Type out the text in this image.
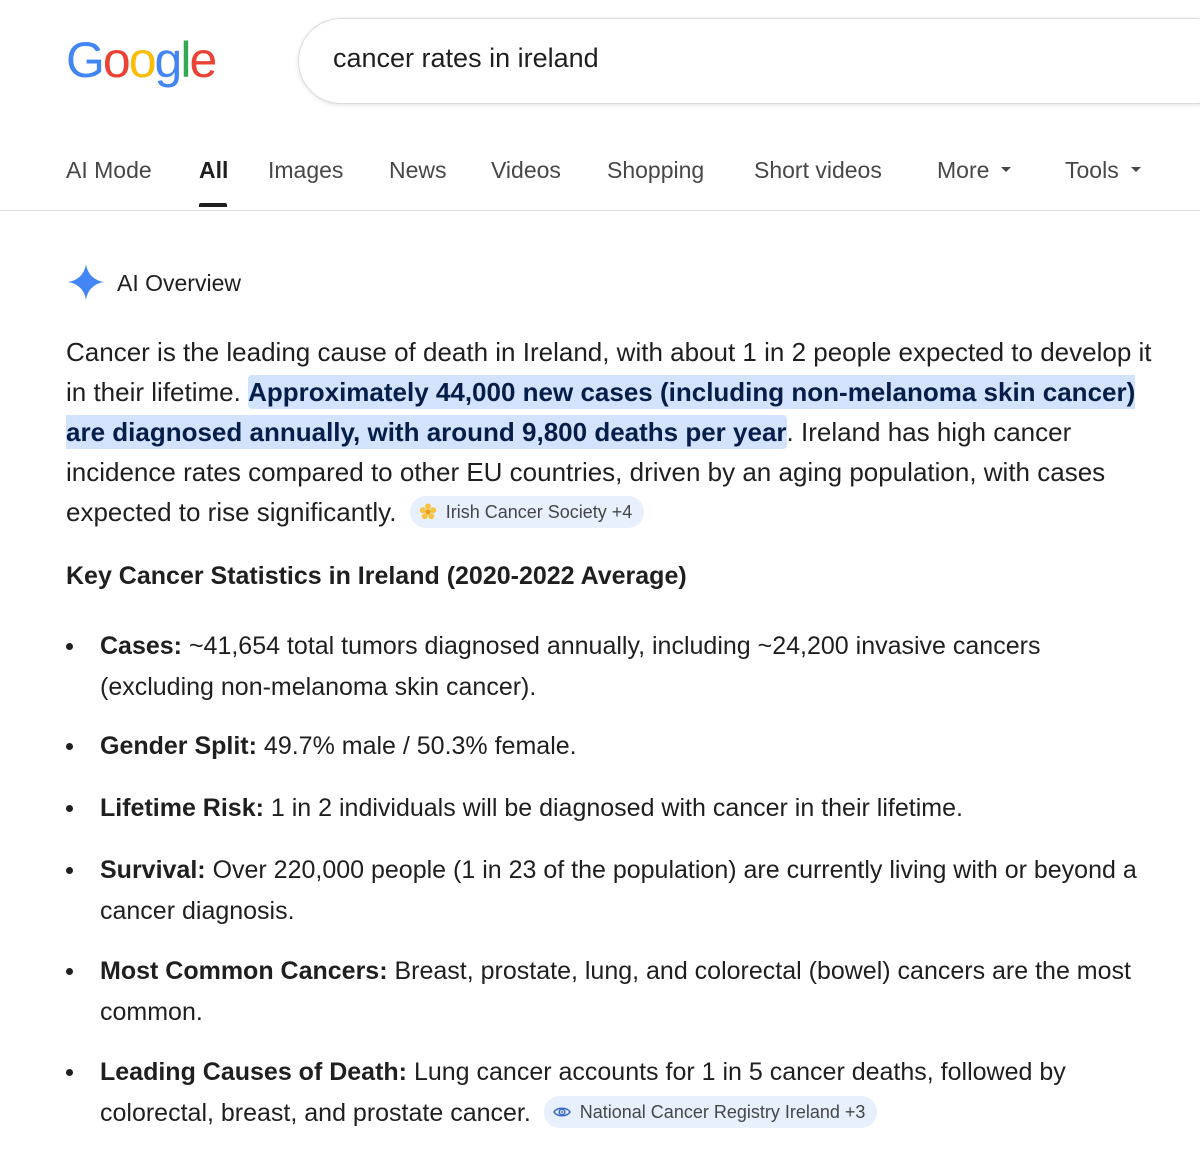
Google
cancer rates in ireland
AI Mode All Images News Videos Shopping Short videos More	Tools
AI Overview

Cancer is the leading cause of death in Ireland, with about 1 in 2 people expected to develop it in their lifetime. Approximately 44,000 new cases (including non-melanoma skin cancer) are diagnosed annually, with around 9,800 deaths per year. Ireland has high cancer incidence rates compared to other EU countries, driven by an aging population, with cases expected to rise significantly.	Irish Cancer Society +4

Key Cancer Statistics in Ireland (2020-2022 Average)
Cases: ~41,654 total tumors diagnosed annually, including ~24,200 invasive cancers (excluding non-melanoma skin cancer).
Gender Split: 49.7% male / 50.3% female.
Lifetime Risk: 1 in 2 individuals will be diagnosed with cancer in their lifetime.
Survival: Over 220,000 people (1 in 23 of the population) are currently living with or beyond a cancer diagnosis.
Most Common Cancers: Breast, prostate, lung, and colorectal (bowel) cancers are the most common.
Leading Causes of Death: Lung cancer accounts for 1 in 5 cancer deaths, followed by colorectal, breast, and prostate cancer.	National Cancer Registry Ireland +3
